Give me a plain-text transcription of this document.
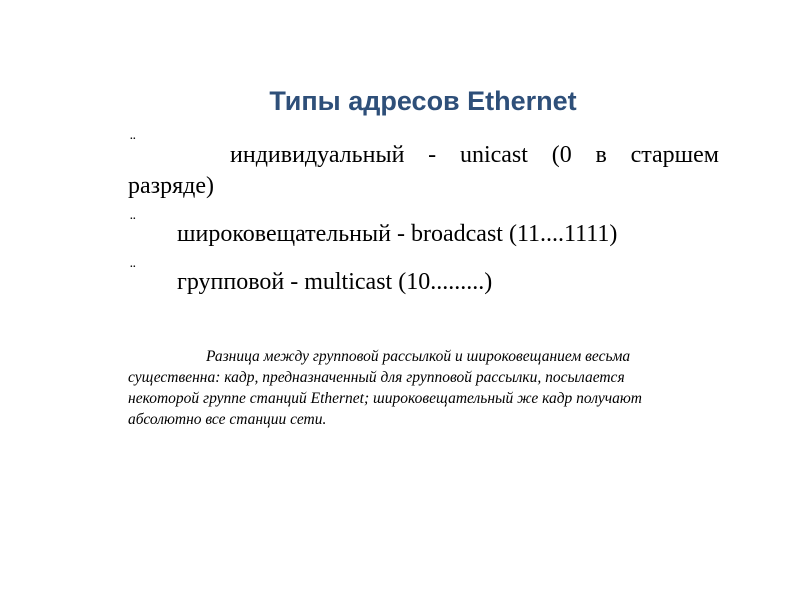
Типы адресов Ethernet
¨	индивидуальный - unicast (0 в старшем
разряде)
¨ широковещательный - broadcast (11....1111)
¨ групповой - multicast (10.........)
Разница между групповой рассылкой и широковещанием весьма
существенна: кадр, предназначенный для групповой рассылки, посылается
некоторой группе станций Ethernet; широковещательный же кадр получают
абсолютно все станции сети.
